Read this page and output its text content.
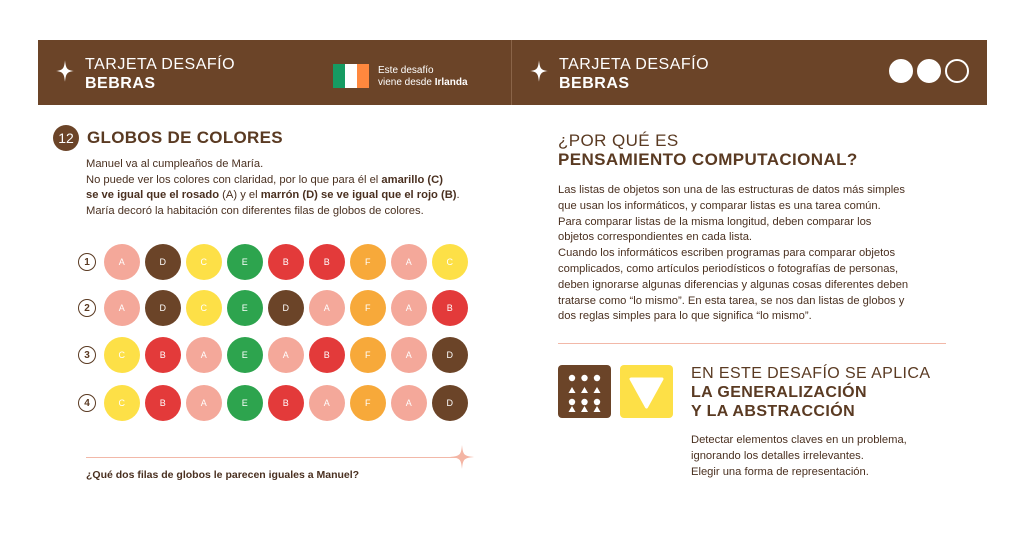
TARJETA DESAFÍO
BEBRAS
Este desafío
viene desde Irlanda
TARJETA DESAFÍO
BEBRAS
12 GLOBOS DE COLORES

Manuel va al cumpleaños de María.

No puede ver los colores con claridad, por lo que para él el amarillo (C)

se ve igual que el rosado (A) y el marrón (D) se ve igual que el rojo (B).

María decoró la habitación con diferentes filas de globos de colores.

1	A	D	C	E	B	B	F	A	C
2	A	D	C	E	D	A	F	A	B
3	C	B	A	E	A	B	F	A	D
4	C	B	A	E	B	A	F	A	D
¿Qué dos filas de globos le parecen iguales a Manuel?
¿POR QUÉ ES
PENSAMIENTO COMPUTACIONAL?

Las listas de objetos son una de las estructuras de datos más simples

que usan los informáticos, y comparar listas es una tarea común.

Para comparar listas de la misma longitud, deben comparar los

objetos correspondientes en cada lista.

Cuando los informáticos escriben programas para comparar objetos

complicados, como artículos periodísticos o fotografías de personas,

deben ignorarse algunas diferencias y algunas cosas diferentes deben

tratarse como “lo mismo”. En esta tarea, se nos dan listas de globos y

dos reglas simples para lo que significa “lo mismo”.

EN ESTE DESAFÍO SE APLICA
LA GENERALIZACIÓN
Y LA ABSTRACCIÓN

Detectar elementos claves en un problema,

ignorando los detalles irrelevantes.

Elegir una forma de representación.
